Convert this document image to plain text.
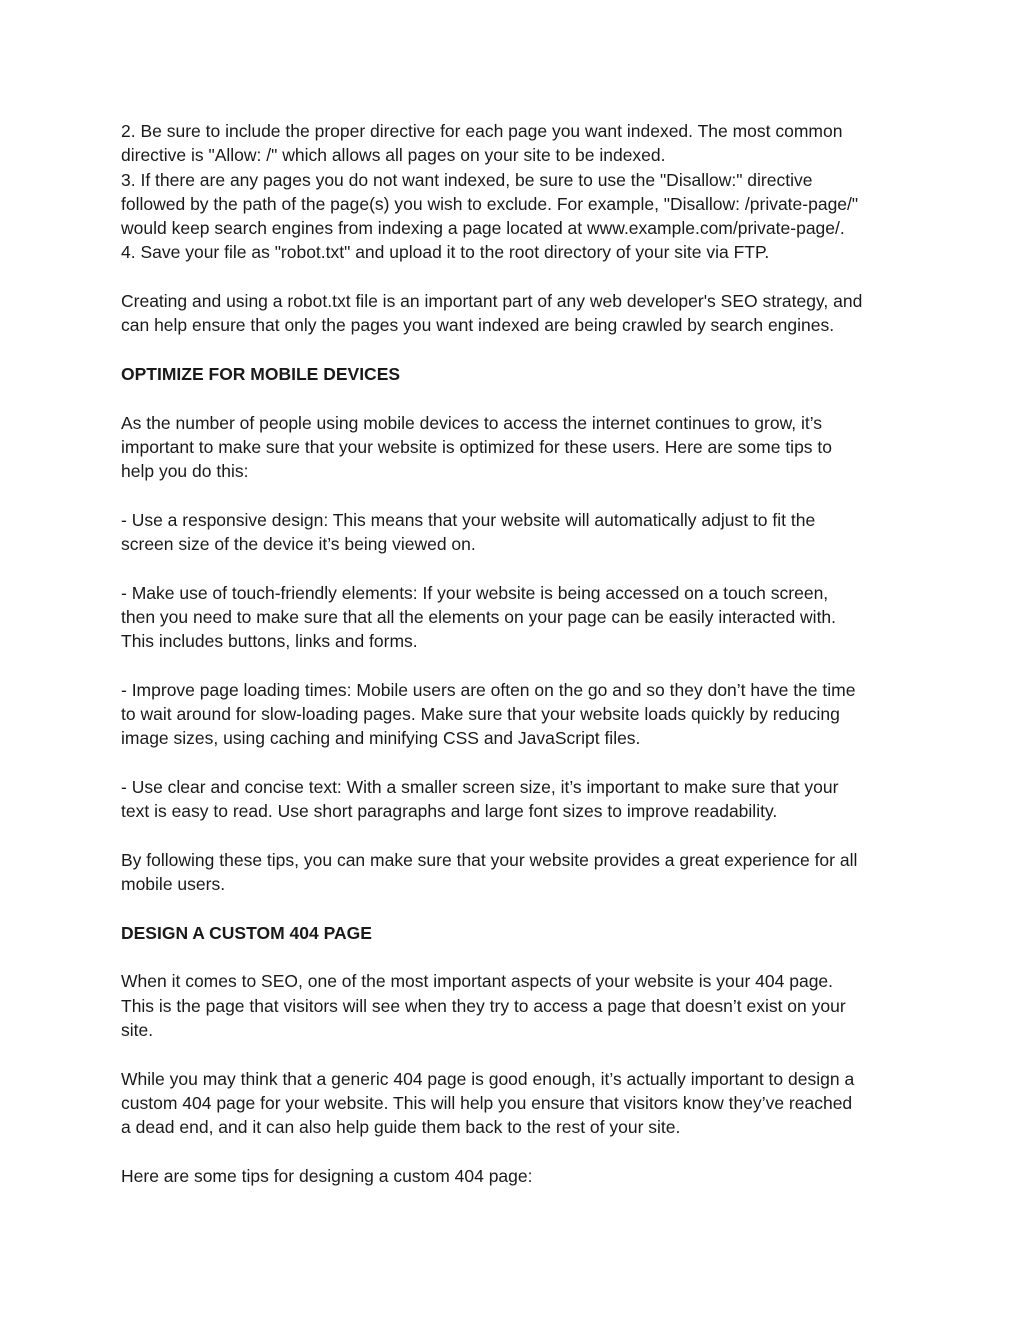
2. Be sure to include the proper directive for each page you want indexed. The most common
directive is "Allow: /" which allows all pages on your site to be indexed.
3. If there are any pages you do not want indexed, be sure to use the "Disallow:" directive
followed by the path of the page(s) you wish to exclude. For example, "Disallow: /private-page/"
would keep search engines from indexing a page located at www.example.com/private-page/.
4. Save your file as "robot.txt" and upload it to the root directory of your site via FTP.
Creating and using a robot.txt file is an important part of any web developer's SEO strategy, and
can help ensure that only the pages you want indexed are being crawled by search engines.
OPTIMIZE FOR MOBILE DEVICES
As the number of people using mobile devices to access the internet continues to grow, it’s
important to make sure that your website is optimized for these users. Here are some tips to
help you do this:
- Use a responsive design: This means that your website will automatically adjust to fit the
screen size of the device it’s being viewed on.
- Make use of touch-friendly elements: If your website is being accessed on a touch screen,
then you need to make sure that all the elements on your page can be easily interacted with.
This includes buttons, links and forms.
- Improve page loading times: Mobile users are often on the go and so they don’t have the time
to wait around for slow-loading pages. Make sure that your website loads quickly by reducing
image sizes, using caching and minifying CSS and JavaScript files.
- Use clear and concise text: With a smaller screen size, it’s important to make sure that your
text is easy to read. Use short paragraphs and large font sizes to improve readability.
By following these tips, you can make sure that your website provides a great experience for all
mobile users.
DESIGN A CUSTOM 404 PAGE
When it comes to SEO, one of the most important aspects of your website is your 404 page.
This is the page that visitors will see when they try to access a page that doesn’t exist on your
site.
While you may think that a generic 404 page is good enough, it’s actually important to design a
custom 404 page for your website. This will help you ensure that visitors know they’ve reached
a dead end, and it can also help guide them back to the rest of your site.
Here are some tips for designing a custom 404 page:
